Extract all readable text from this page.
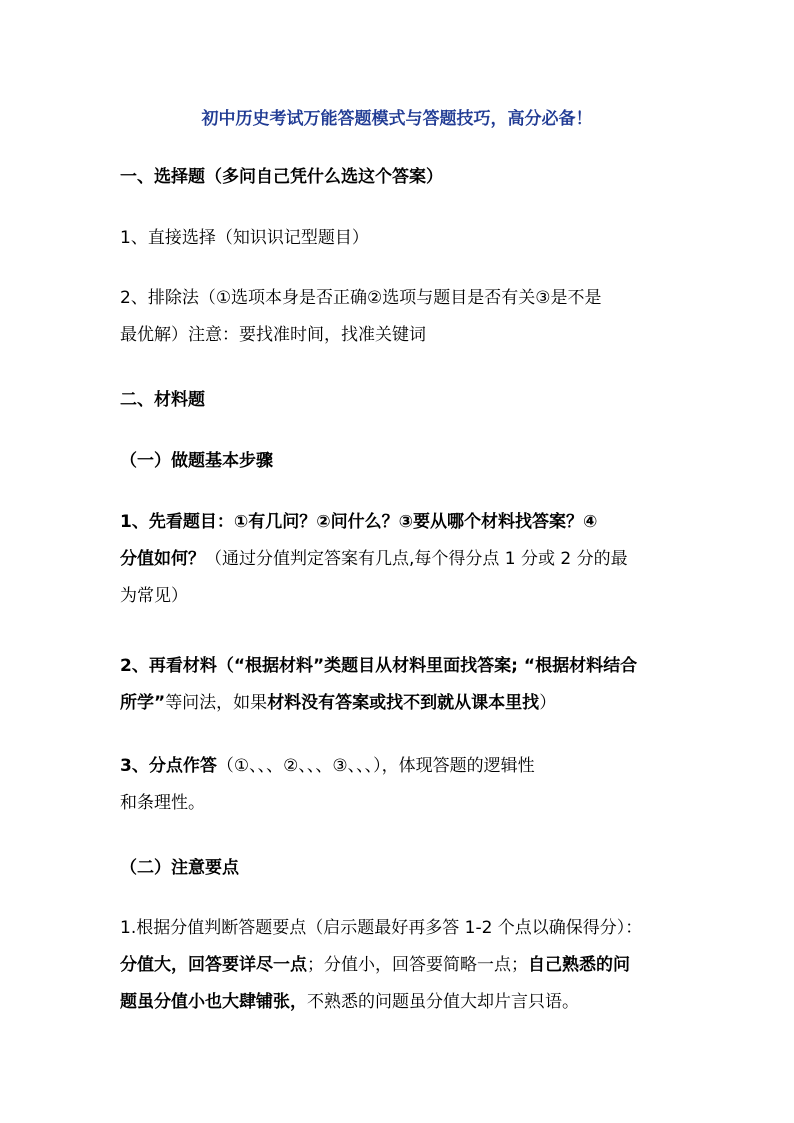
初中历史考试万能答题模式与答题技巧，高分必备！

一、选择题（多问自己凭什么选这个答案）

1、直接选择（知识识记型题目）

2、排除法（①选项本身是否正确②选项与题目是否有关③是不是
最优解）注意：要找准时间，找准关键词

二、材料题

（一）做题基本步骤

1、先看题目：①有几问？②问什么？③要从哪个材料找答案？④
分值如何？（通过分值判定答案有几点,每个得分点 1 分或 2 分的最
为常见）
2、再看材料（“根据材料”类题目从材料里面找答案; “根据材料结合
所学”等问法，如果材料没有答案或找不到就从课本里找）
3、分点作答（①、、、②、、、③、、、），体现答题的逻辑性
和条理性。

（二）注意要点

1.根据分值判断答题要点（启示题最好再多答 1-2 个点以确保得分）：
分值大，回答要详尽一点；分值小，回答要简略一点；自己熟悉的问
题虽分值小也大肆铺张，不熟悉的问题虽分值大却片言只语。
